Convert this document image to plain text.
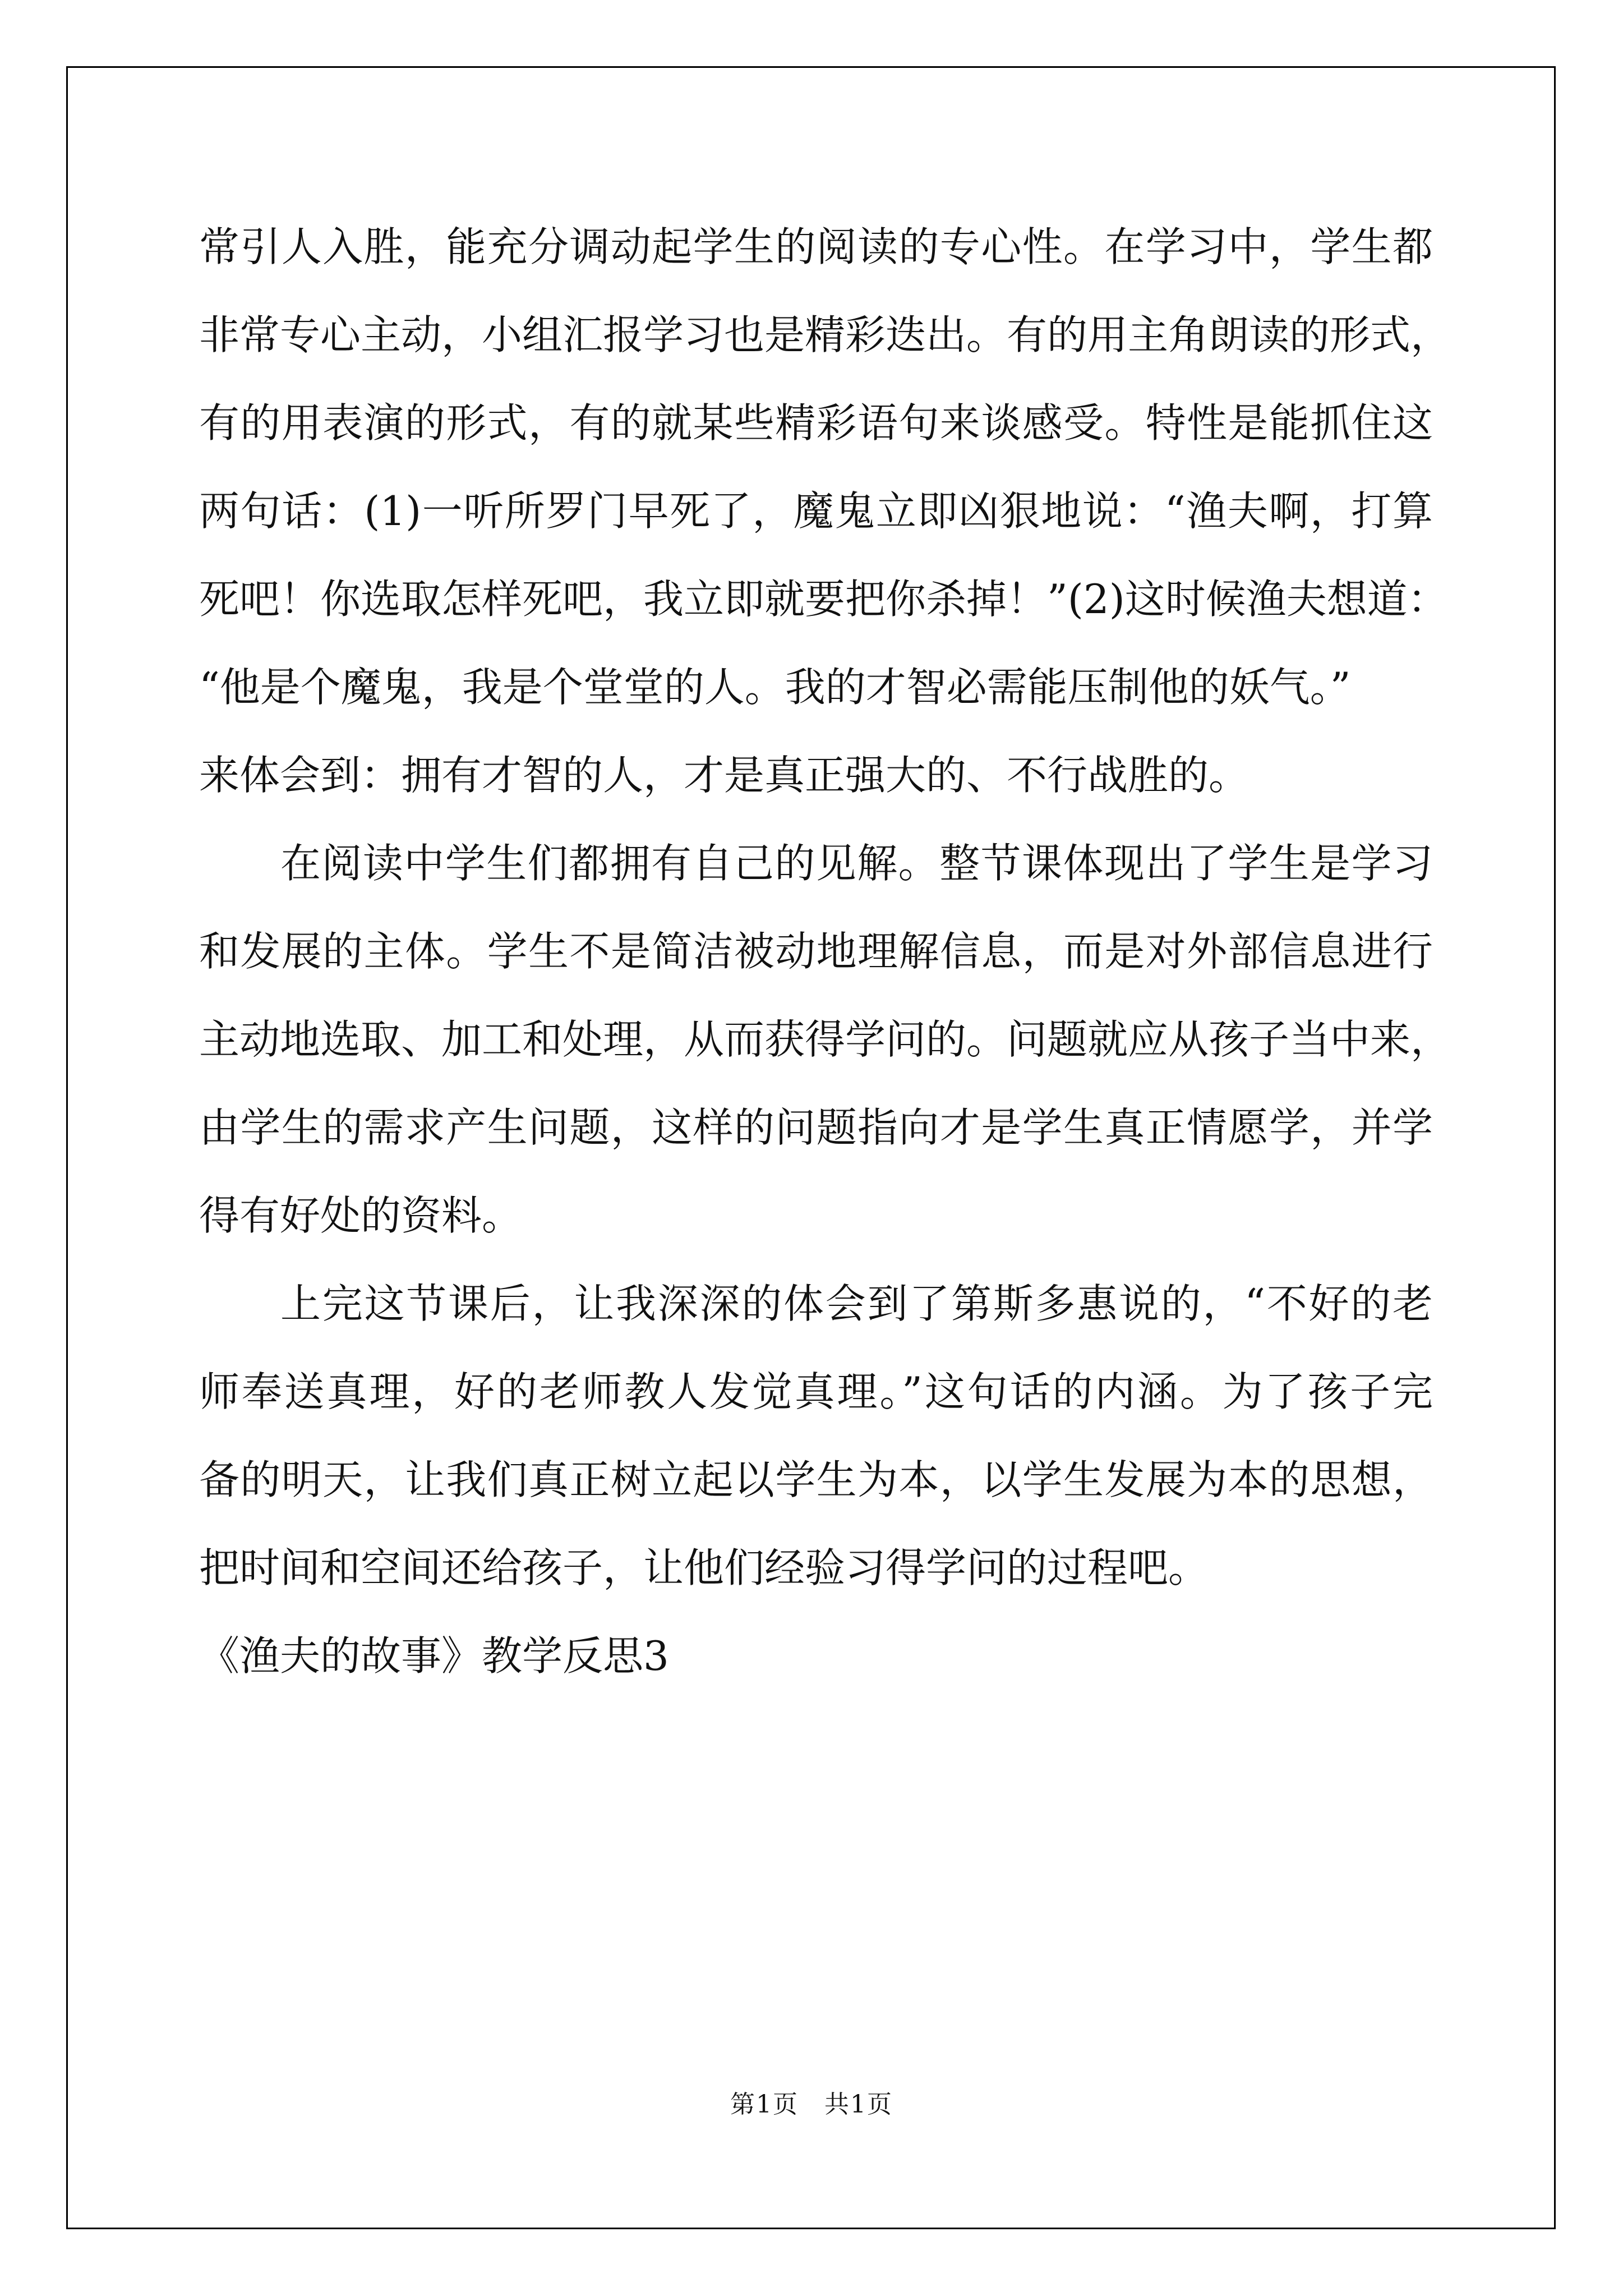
常引人入胜，能充分调动起学生的阅读的专心性。在学习中，学生都
非常专心主动，小组汇报学习也是精彩迭出。有的用主角朗读的形式，
有的用表演的形式，有的就某些精彩语句来谈感受。特性是能抓住这
两句话：(1)一听所罗门早死了，魔鬼立即凶狠地说：“渔夫啊，打算
死吧！你选取怎样死吧，我立即就要把你杀掉！”(2)这时候渔夫想道：
“他是个魔鬼，我是个堂堂的人。我的才智必需能压制他的妖气。”
来体会到：拥有才智的人，才是真正强大的、不行战胜的。
在阅读中学生们都拥有自己的见解。整节课体现出了学生是学习
和发展的主体。学生不是简洁被动地理解信息，而是对外部信息进行
主动地选取、加工和处理，从而获得学问的。问题就应从孩子当中来，
由学生的需求产生问题，这样的问题指向才是学生真正情愿学，并学
得有好处的资料。
上完这节课后，让我深深的体会到了第斯多惠说的，“不好的老
师奉送真理，好的老师教人发觉真理。”这句话的内涵。为了孩子完
备的明天，让我们真正树立起以学生为本，以学生发展为本的思想，
把时间和空间还给孩子，让他们经验习得学问的过程吧。
《渔夫的故事》教学反思3
第1页　共1页
